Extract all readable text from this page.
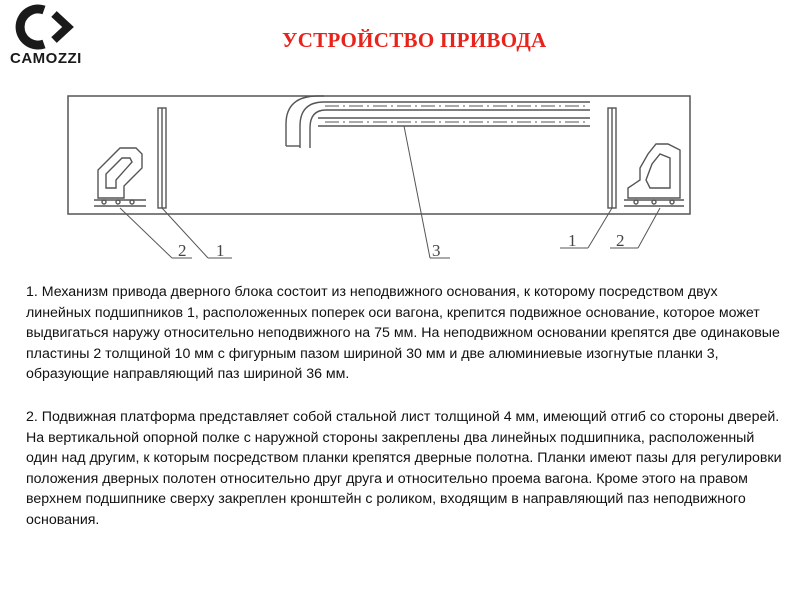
CAMOZZI
УСТРОЙСТВО ПРИВОДА
2 1	3
1 2

1. Механизм привода дверного блока состоит из неподвижного основания, к которому посредством двух линейных подшипников 1, расположенных поперек оси вагона, крепится подвижное основание, которое может выдвигаться наружу относительно неподвижного на 75 мм. На неподвижном основании крепятся две одинаковые пластины 2 толщиной 10 мм с фигурным пазом шириной 30 мм и две алюминиевые изогнутые планки 3, образующие направляющий паз шириной 36 мм.

2. Подвижная платформа представляет собой стальной лист толщиной 4 мм, имеющий отгиб со стороны дверей. На вертикальной опорной полке с наружной стороны закреплены два линейных подшипника, расположенный один над другим, к которым посредством планки крепятся дверные полотна. Планки имеют пазы для регулировки положения дверных полотен относительно друг друга и относительно проема вагона. Кроме этого на правом верхнем подшипнике сверху закреплен кронштейн с роликом, входящим в направляющий паз неподвижного основания.
